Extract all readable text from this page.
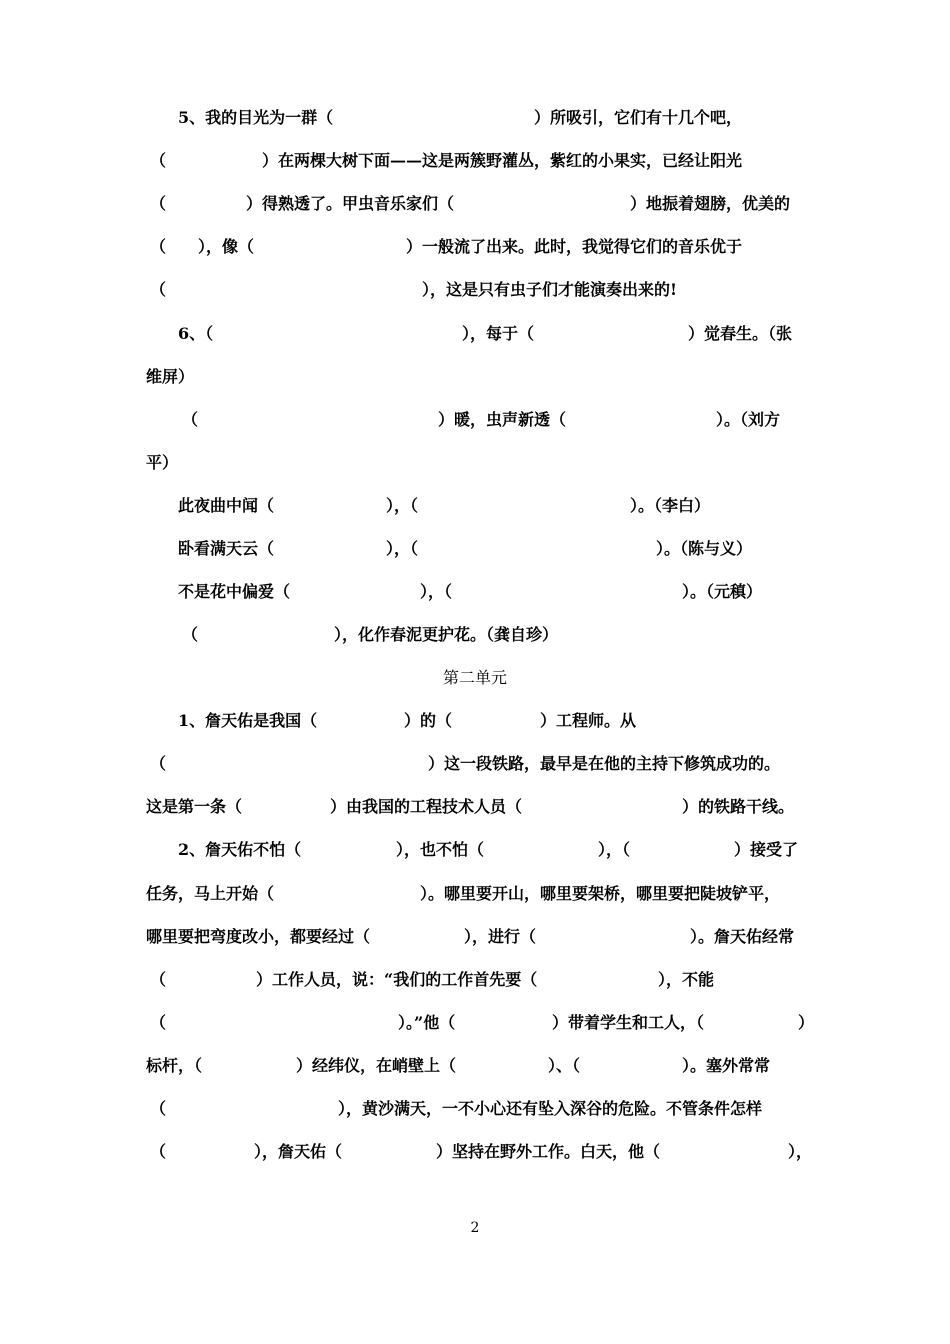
5、我的目光为一群（	）所吸引，它们有十几个吧，
（	）在两棵大树下面——这是两簇野灌丛，紫红的小果实，已经让阳光
（	）得熟透了。甲虫音乐家们（	）地振着翅膀，优美的
（ ），像（	）一般流了出来。此时，我觉得它们的音乐优于
（	），这是只有虫子们才能演奏出来的!
6、（	），每于（	）觉春生。（张
维屏）
（	）暖，虫声新透（	）。（刘方
平）
此夜曲中闻（	），（	）。（李白）
卧看满天云（	），（	）。（陈与义）
不是花中偏爱（	），（	）。（元稹）
（	），化作春泥更护花。（龚自珍）
第二单元
1、詹天佑是我国（	）的（	）工程师。从
（	）这一段铁路，最早是在他的主持下修筑成功的。
这是第一条（	）由我国的工程技术人员（	）的铁路干线。
2、詹天佑不怕（	），也不怕（	），（	）接受了
任务，马上开始（	）。哪里要开山，哪里要架桥，哪里要把陡坡铲平，
哪里要把弯度改小，都要经过（	），进行（	）。詹天佑经常
（	）工作人员，说：“我们的工作首先要（	），不能
（	）。”他（	）带着学生和工人，（	）
标杆，（	）经纬仪，在峭壁上（	）、（	）。塞外常常
（	），黄沙满天，一不小心还有坠入深谷的危险。不管条件怎样
（	），詹天佑（	）坚持在野外工作。白天，他（	），
2
